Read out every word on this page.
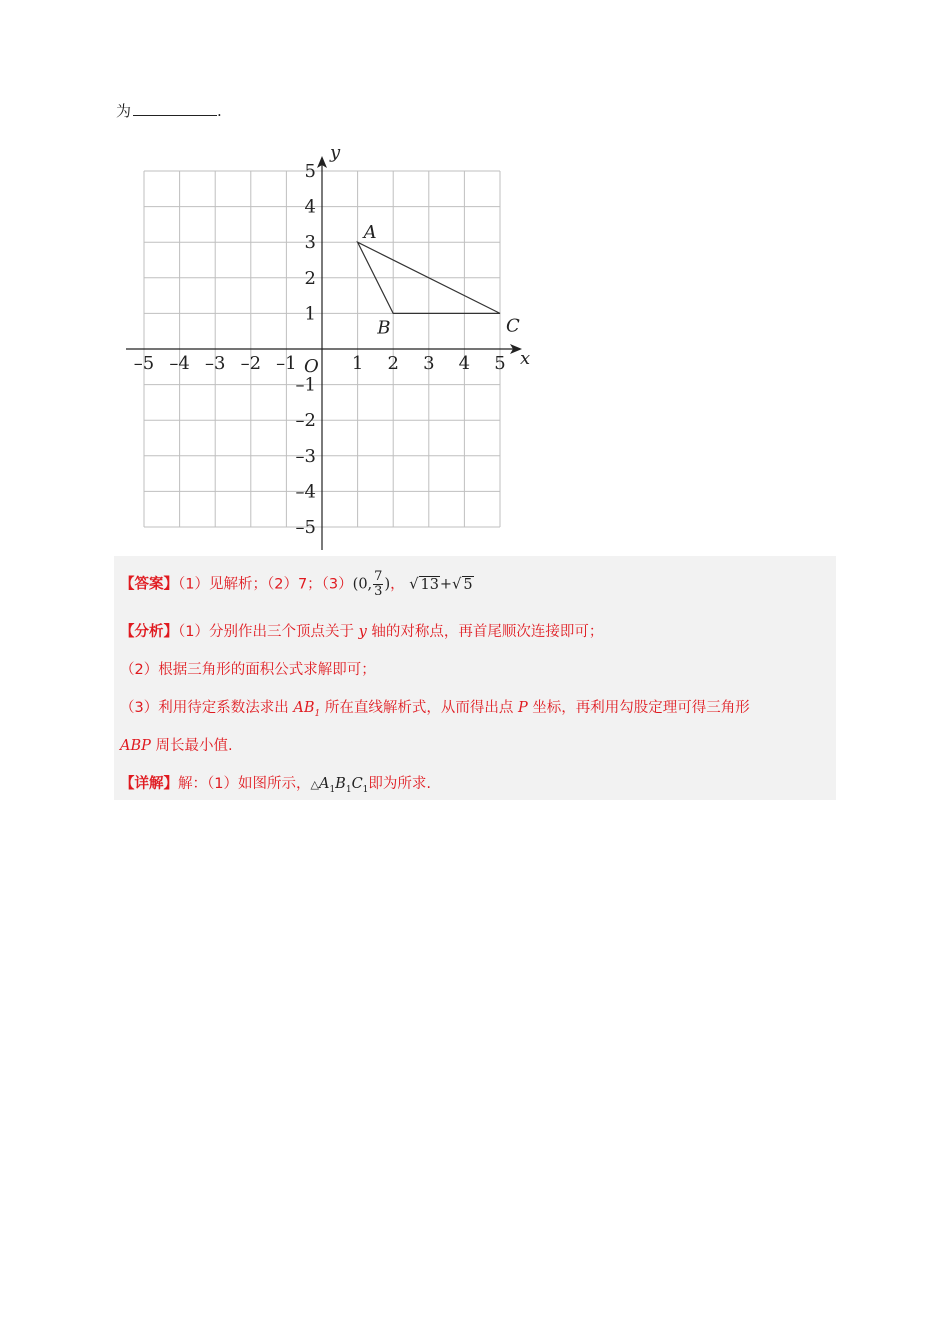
为	.
x
y
O
–5 –4 –3 –2 –1	1 2 3 4 5
5
4
3
2
1
–1
–2
–3
–4
–5
A
B	C
【答案】（1）见解析；（2）7；（3）(0, $\frac{7}{3}$ )， √ 13+√ 5
【分析】（1）分别作出三个顶点关于 y 轴的对称点，再首尾顺次连接即可；
（2）根据三角形的面积公式求解即可；
（3）利用待定系数法求出 $AB_1$ 所在直线解析式，从而得出点 P 坐标，再利用勾股定理可得三角形
ABP 周长最小值.
【详解】解：（1）如图所示，$\triangle A_1B_1C_1$即为所求.
